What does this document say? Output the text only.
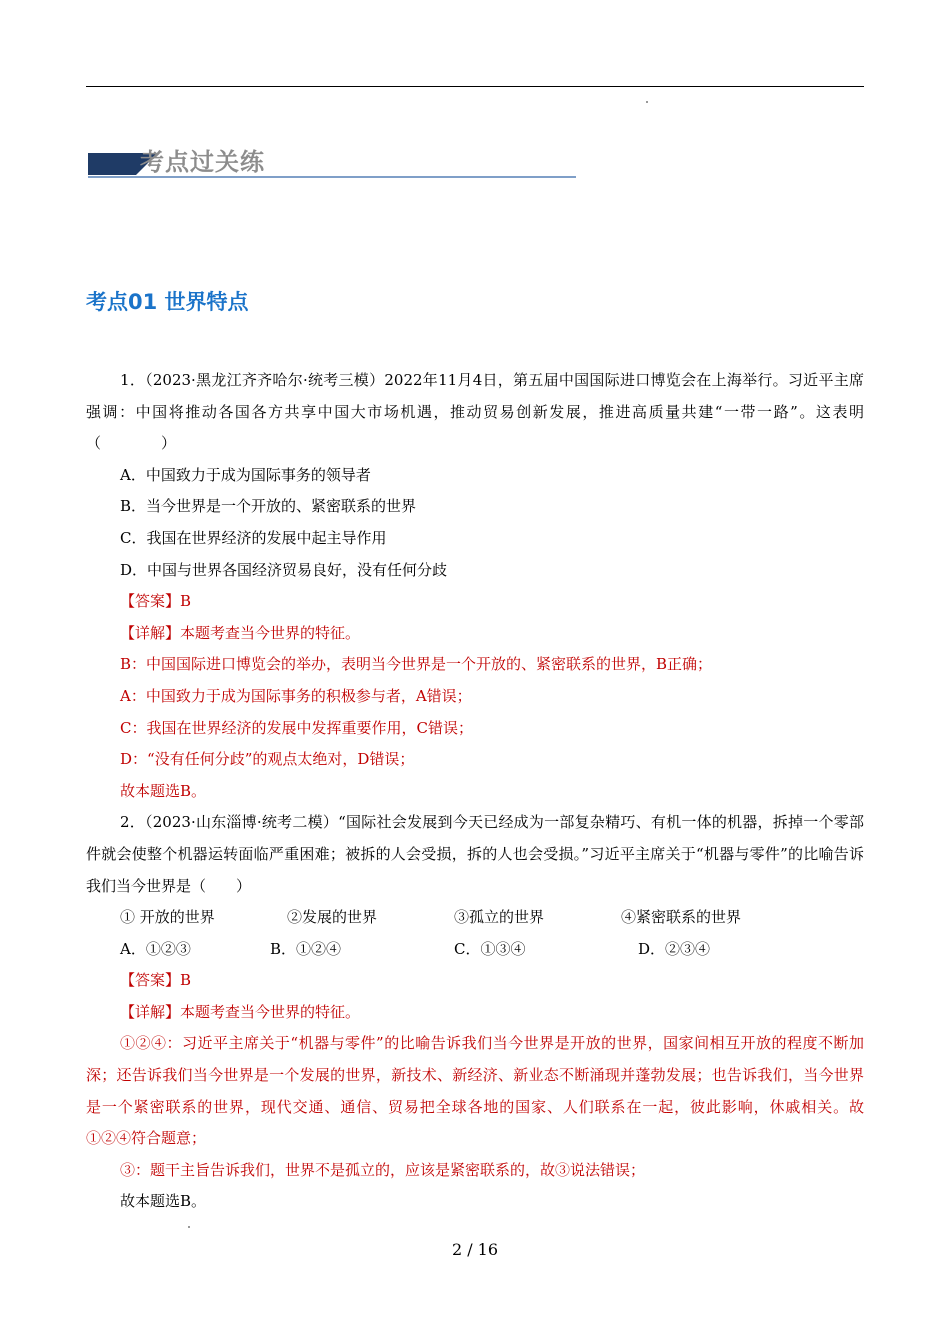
考点过关练
考点01 世界特点

1．（2023·黑龙江齐齐哈尔·统考三模）2022年11月4日，第五届中国国际进口博览会在上海举行。习近平主席强调：中国将推动各国各方共享中国大市场机遇，推动贸易创新发展，推进高质量共建“一带一路”。这表明（　　　　）

A．中国致力于成为国际事务的领导者

B．当今世界是一个开放的、紧密联系的世界

C．我国在世界经济的发展中起主导作用

D．中国与世界各国经济贸易良好，没有任何分歧

【答案】B

【详解】本题考查当今世界的特征。

B：中国国际进口博览会的举办，表明当今世界是一个开放的、紧密联系的世界，B正确；

A：中国致力于成为国际事务的积极参与者，A错误；

C：我国在世界经济的发展中发挥重要作用，C错误；

D：“没有任何分歧”的观点太绝对，D错误；

故本题选B。

2．（2023·山东淄博·统考二模）“国际社会发展到今天已经成为一部复杂精巧、有机一体的机器，拆掉一个零部件就会使整个机器运转面临严重困难；被拆的人会受损，拆的人也会受损。”习近平主席关于“机器与零件”的比喻告诉我们当今世界是（　　）

① 开放的世界	②发展的世界	③孤立的世界	④紧密联系的世界
A．①②③	B．①②④	C．①③④	D．②③④

【答案】B

【详解】本题考查当今世界的特征。

①②④：习近平主席关于“机器与零件”的比喻告诉我们当今世界是开放的世界，国家间相互开放的程度不断加深；还告诉我们当今世界是一个发展的世界，新技术、新经济、新业态不断涌现并蓬勃发展；也告诉我们，当今世界是一个紧密联系的世界，现代交通、通信、贸易把全球各地的国家、人们联系在一起，彼此影响，休戚相关。故①②④符合题意；

③：题干主旨告诉我们，世界不是孤立的，应该是紧密联系的，故③说法错误；

故本题选B。

2 / 16
